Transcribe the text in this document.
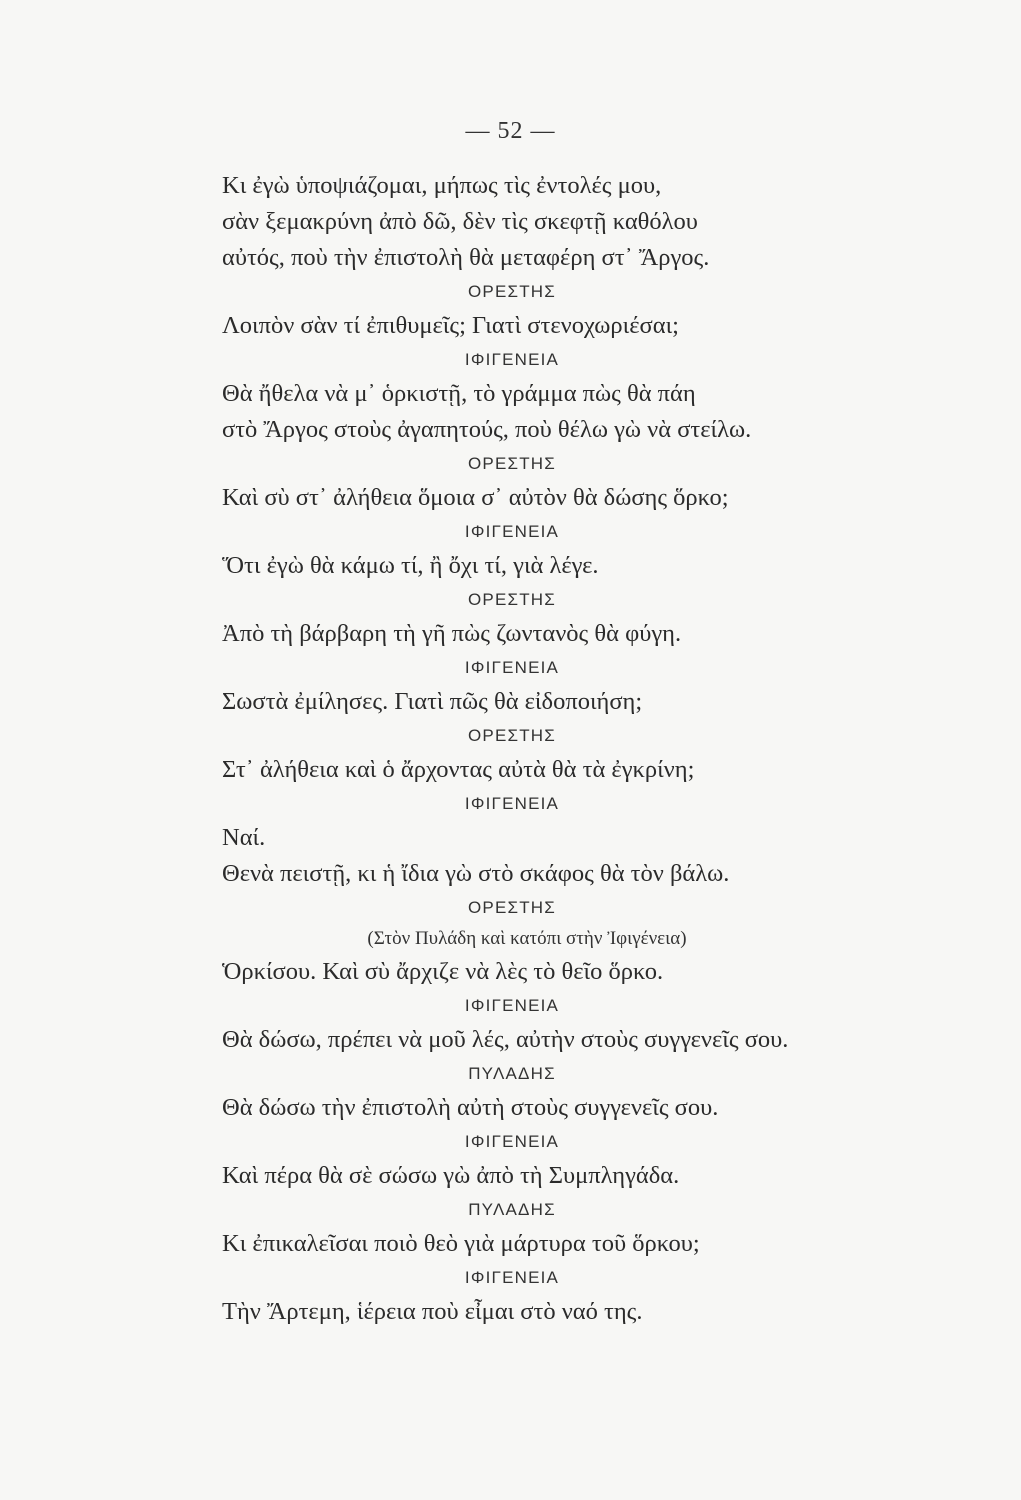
— 52 —
Κι ἐγὼ ὑποψιάζομαι, μήπως τὶς ἐντολές μου,
σὰν ξεμακρύνη ἀπὸ δῶ, δὲν τὶς σκεφτῇ καθόλου
αὐτός, ποὺ τὴν ἐπιστολὴ θὰ μεταφέρη στ᾿ Ἄργος.
ΟΡΕΣΤΗΣ
Λοιπὸν σὰν τί ἐπιθυμεῖς; Γιατὶ στενοχωριέσαι;
ΙΦΙΓΕΝΕΙΑ
Θὰ ἤθελα νὰ μ᾿ ὁρκιστῇ, τὸ γράμμα πὼς θὰ πάη
στὸ Ἄργος στοὺς ἀγαπητούς, ποὺ θέλω γὼ νὰ στείλω.
ΟΡΕΣΤΗΣ
Καὶ σὺ στ᾿ ἀλήθεια ὅμοια σ᾿ αὐτὸν θὰ δώσης ὅρκο;
ΙΦΙΓΕΝΕΙΑ
Ὅτι ἐγὼ θὰ κάμω τί, ἢ ὄχι τί, γιὰ λέγε.
ΟΡΕΣΤΗΣ
Ἀπὸ τὴ βάρβαρη τὴ γῆ πὼς ζωντανὸς θὰ φύγη.
ΙΦΙΓΕΝΕΙΑ
Σωστὰ ἐμίλησες. Γιατὶ πῶς θὰ εἰδοποιήση;
ΟΡΕΣΤΗΣ
Στ᾿ ἀλήθεια καὶ ὁ ἄρχοντας αὐτὰ θὰ τὰ ἐγκρίνη;
ΙΦΙΓΕΝΕΙΑ
Ναί.
Θενὰ πειστῇ, κι ἡ ἴδια γὼ στὸ σκάφος θὰ τὸν βάλω.
ΟΡΕΣΤΗΣ
(Στὸν Πυλάδη καὶ κατόπι στὴν Ἰφιγένεια)
Ὁρκίσου. Καὶ σὺ ἄρχιζε νὰ λὲς τὸ θεῖο ὅρκο.
ΙΦΙΓΕΝΕΙΑ
Θὰ δώσω, πρέπει νὰ μοῦ λές, αὐτὴν στοὺς συγγενεῖς σου.
ΠΥΛΑΔΗΣ
Θὰ δώσω τὴν ἐπιστολὴ αὐτὴ στοὺς συγγενεῖς σου.
ΙΦΙΓΕΝΕΙΑ
Καὶ πέρα θὰ σὲ σώσω γὼ ἀπὸ τὴ Συμπληγάδα.
ΠΥΛΑΔΗΣ
Κι ἐπικαλεῖσαι ποιὸ θεὸ γιὰ μάρτυρα τοῦ ὅρκου;
ΙΦΙΓΕΝΕΙΑ
Τὴν Ἄρτεμη, ἱέρεια ποὺ εἶμαι στὸ ναό της.
